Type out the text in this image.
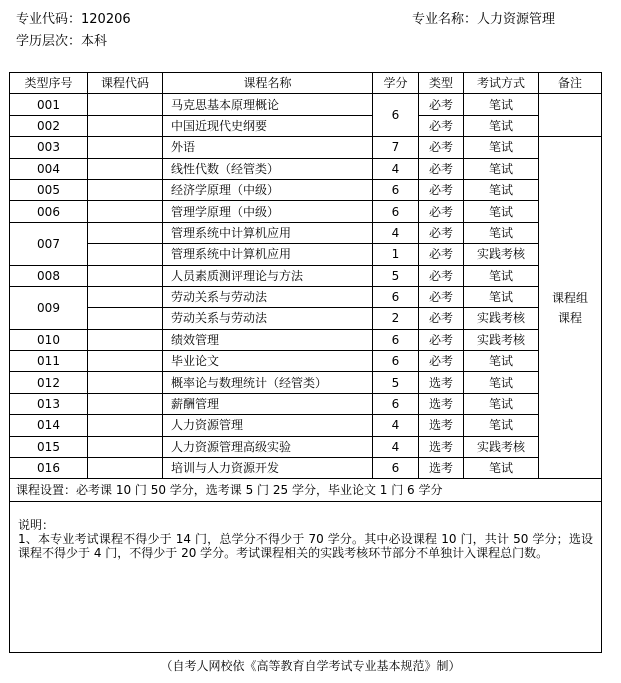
专业代码：120206	专业名称：人力资源管理
学历层次：本科
类型序号	课程代码	课程名称	学分	类型	考试方式	备注
001		马克思基本原理概论	6	必考	笔试	
002		中国近现代史纲要		必考	笔试	
003		外语	7	必考	笔试	课程组课程
004		线性代数（经管类）	4	必考	笔试	
005		经济学原理（中级）	6	必考	笔试	
006		管理学原理（中级）	6	必考	笔试	
007		管理系统中计算机应用	4	必考	笔试	
		管理系统中计算机应用	1	必考	实践考核	
008		人员素质测评理论与方法	5	必考	笔试	
009		劳动关系与劳动法	6	必考	笔试	
		劳动关系与劳动法	2	必考	实践考核	
010		绩效管理	6	必考	实践考核	
011		毕业论文	6	必考	笔试	
012		概率论与数理统计（经管类）	5	选考	笔试	
013		薪酬管理	6	选考	笔试	
014		人力资源管理	4	选考	笔试	
015		人力资源管理高级实验	4	选考	实践考核	
016		培训与人力资源开发	6	选考	笔试	
课程设置：必考课 10 门 50 学分，选考课 5 门 25 学分，毕业论文 1 门 6 学分						

说明：
1、本专业考试课程不得少于 14 门，总学分不得少于 70 学分。其中必设课程 10 门，共计 50 学分；选设课程不得少于 4 门，不得少于 20 学分。考试课程相关的实践考核环节部分不单独计入课程总门数。						
（自考人网校依《高等教育自学考试专业基本规范》制）
